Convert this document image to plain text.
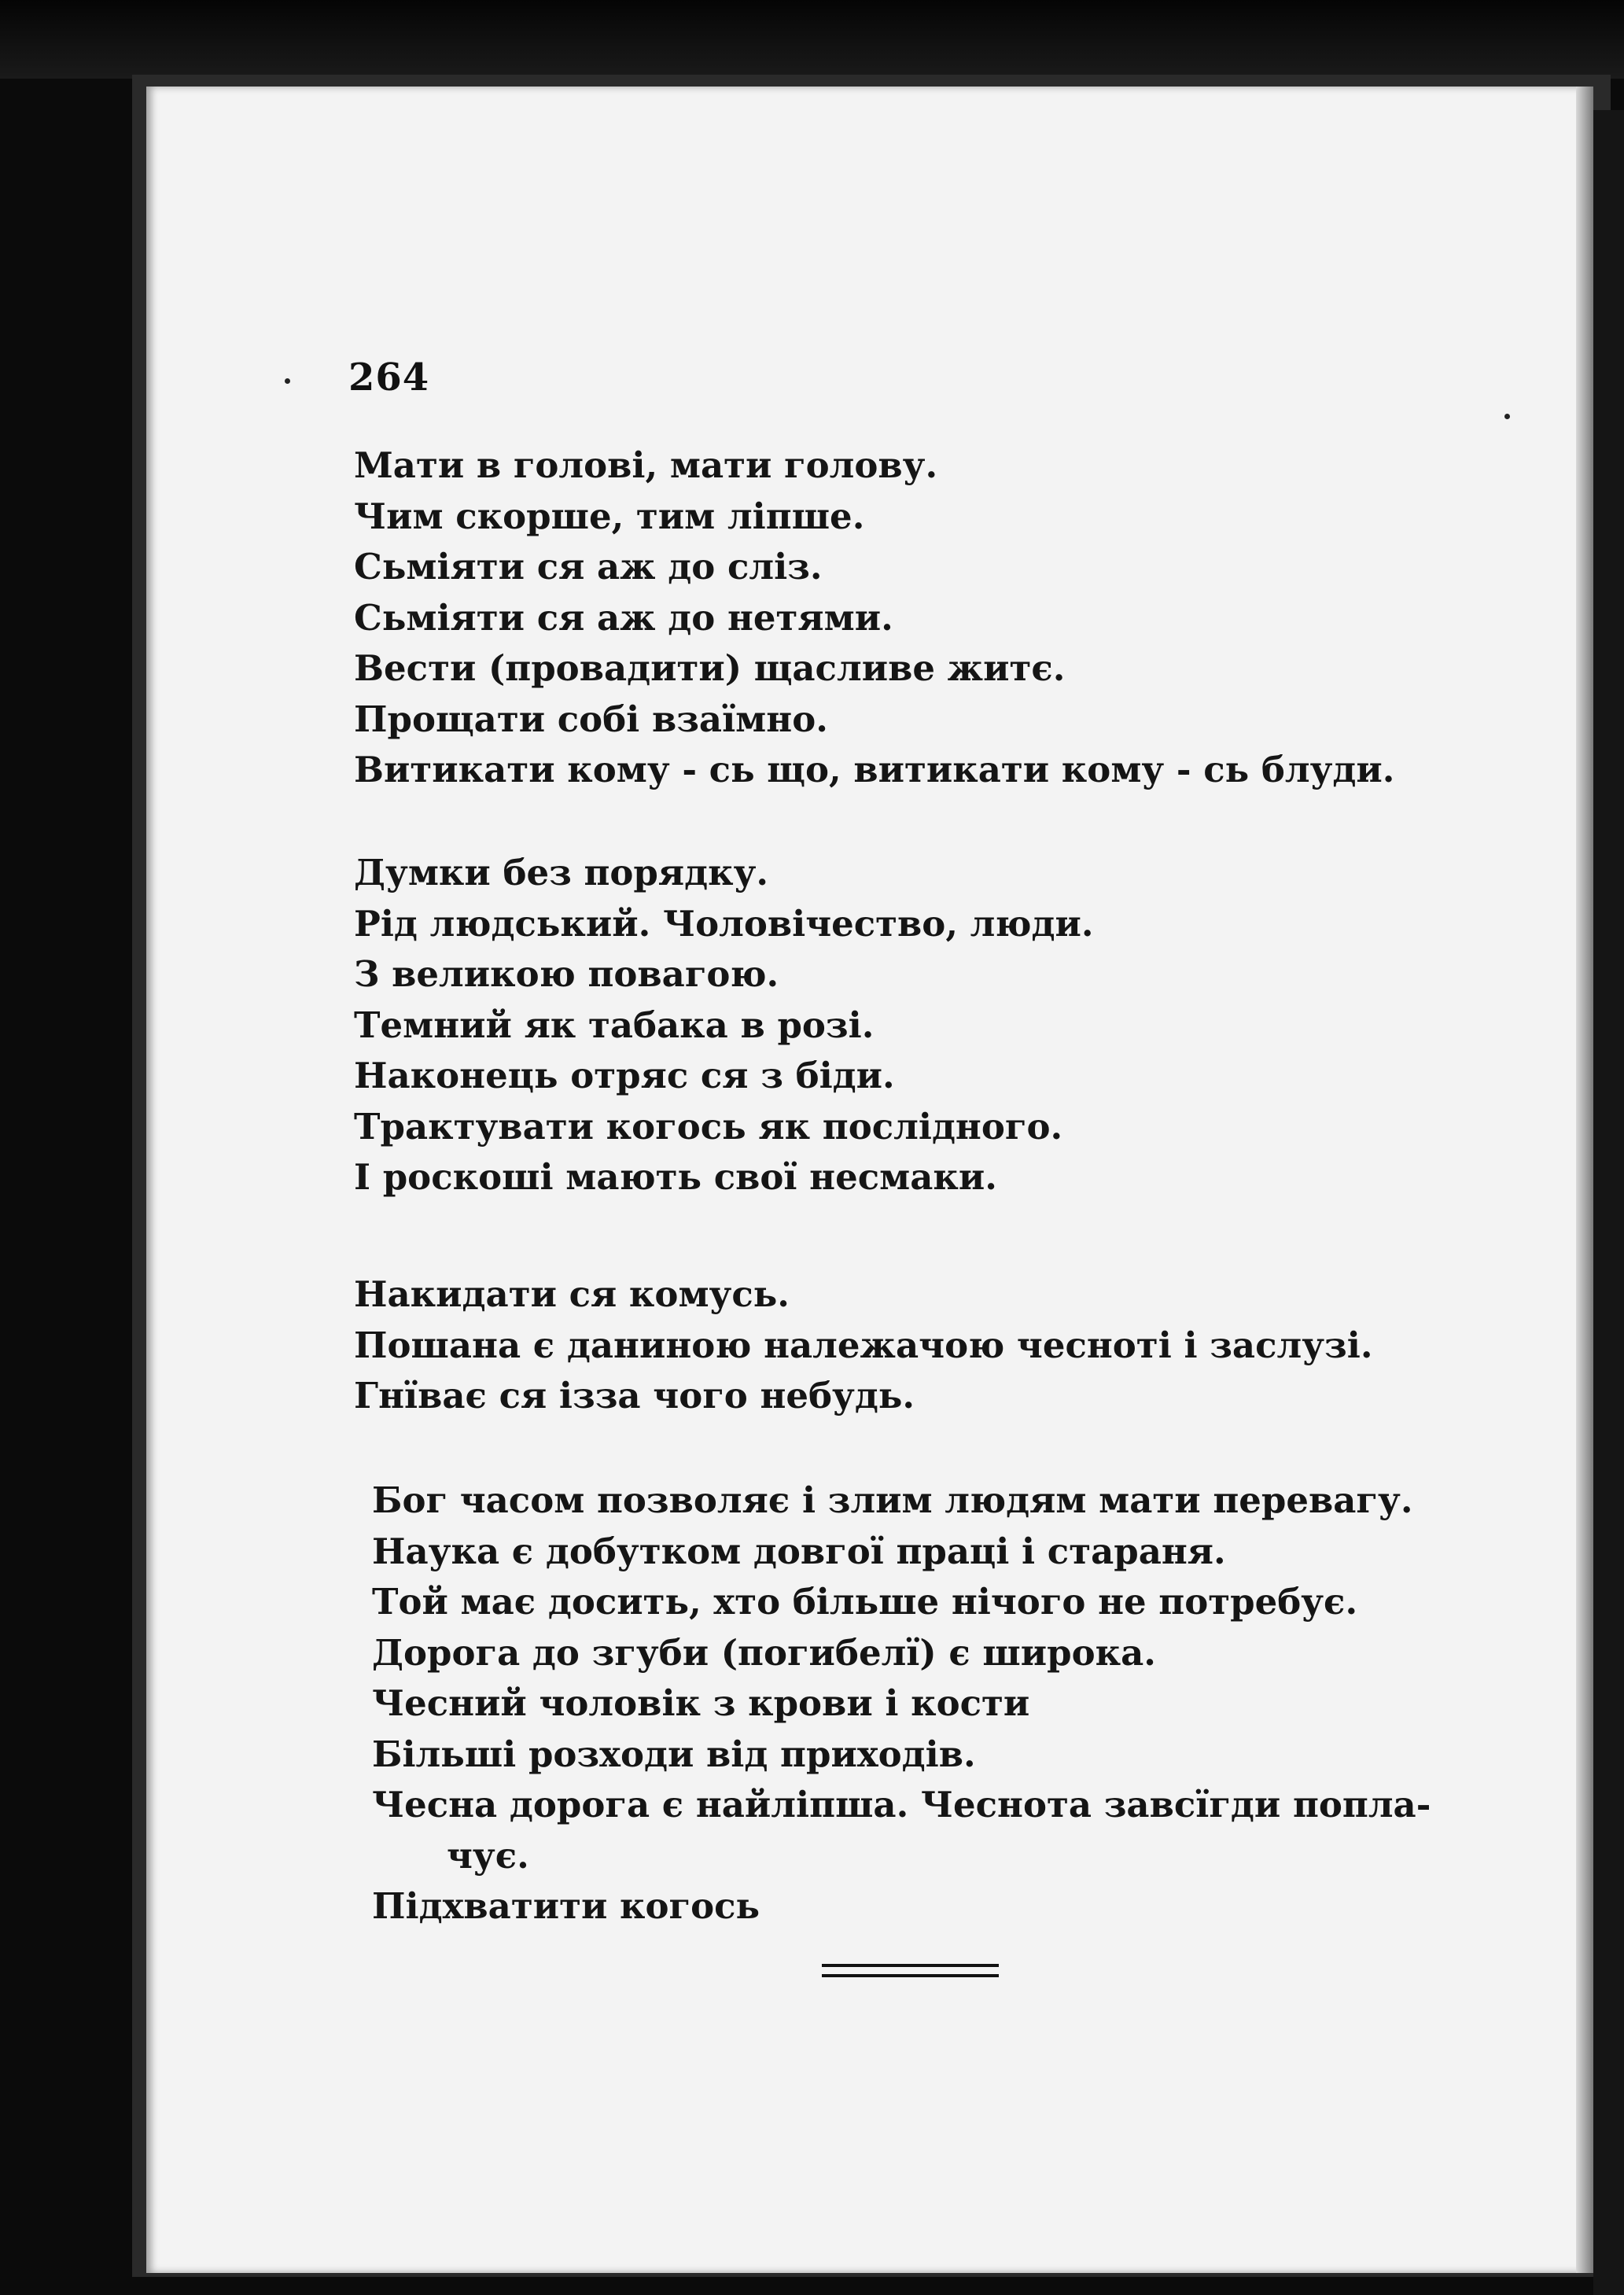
264
Мати в голові, мати голову.
Чим скорше, тим ліпше.
Сьміяти ся аж до сліз.
Сьміяти ся аж до нетями.
Вести (провадити) щасливе житє.
Прощати собі взаїмно.
Витикати кому - сь що, витикати кому - сь блуди.
Думки без порядку.
Рід людський. Чоловічество, люди.
З великою повагою.
Темний як табака в розі.
Наконець отряс ся з біди.
Трактувати когось як послідного.
І роскоші мають свої несмаки.
Накидати ся комусь.
Пошана є даниною належачою чесноті і заслузі.
Гнїває ся ізза чого небудь.
Бог часом позволяє і злим людям мати перевагу.
Наука є добутком довгої праці і стараня.
Той має досить, хто більше нічого не потребує.
Дорога до згуби (погибелї) є широка.
Чесний чоловік з крови і кости
Більші розходи від приходів.
Чесна дорога є найліпша. Чеснота завсїгди попла-
чує.
Підхватити когось
